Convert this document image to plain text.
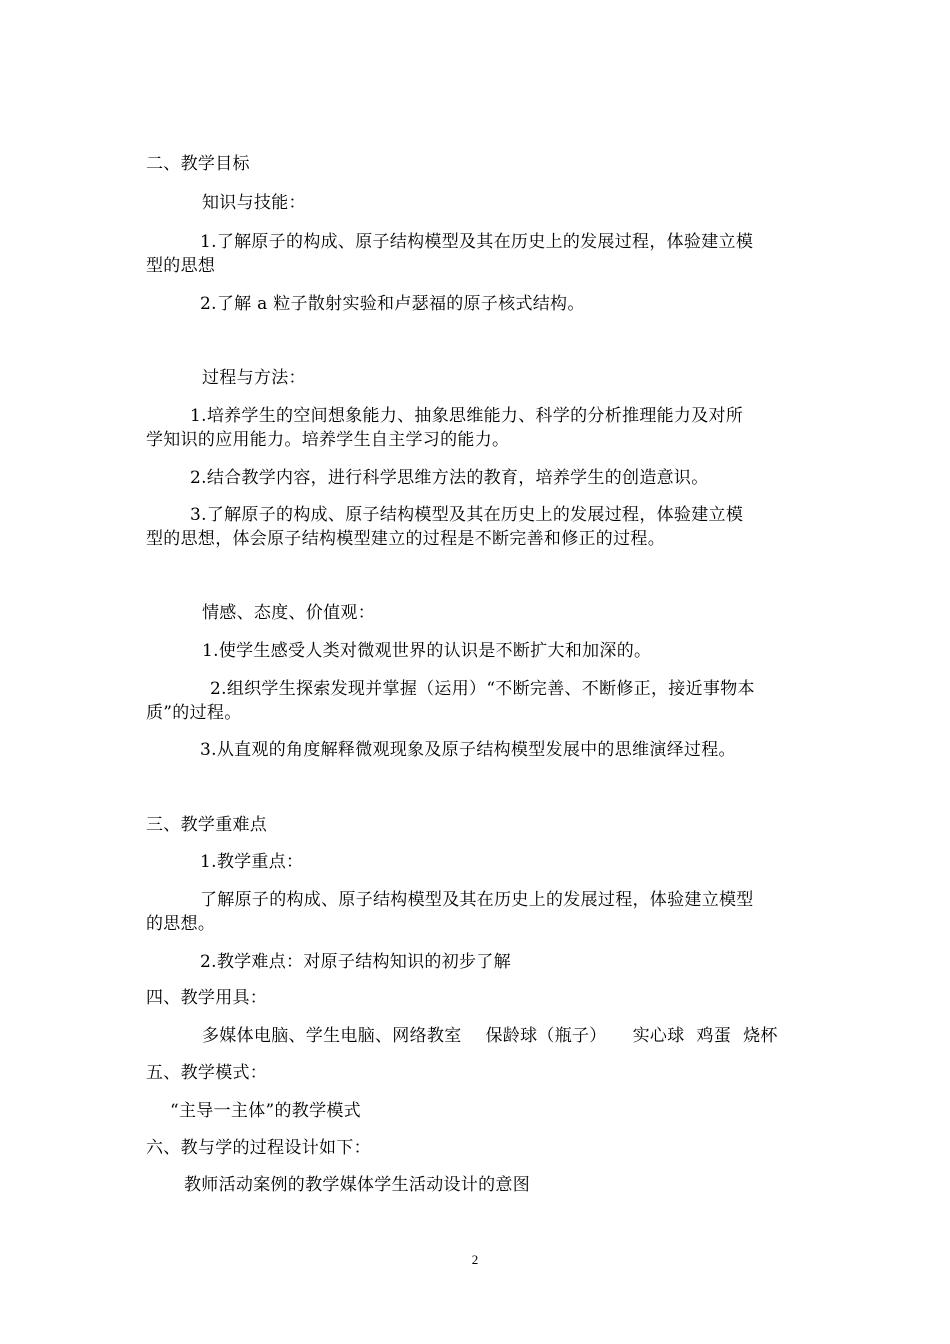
二、教学目标
知识与技能：
1.了解原子的构成、原子结构模型及其在历史上的发展过程，体验建立模
型的思想
2.了解 a 粒子散射实验和卢瑟福的原子核式结构。
过程与方法：
1.培养学生的空间想象能力、抽象思维能力、科学的分析推理能力及对所
学知识的应用能力。培养学生自主学习的能力。
2.结合教学内容，进行科学思维方法的教育，培养学生的创造意识。
3.了解原子的构成、原子结构模型及其在历史上的发展过程，体验建立模
型的思想，体会原子结构模型建立的过程是不断完善和修正的过程。
情感、态度、价值观：
1.使学生感受人类对微观世界的认识是不断扩大和加深的。
2.组织学生探索发现并掌握（运用）“不断完善、不断修正，接近事物本
质”的过程。
3.从直观的角度解释微观现象及原子结构模型发展中的思维演绎过程。
三、教学重难点
1.教学重点：
了解原子的构成、原子结构模型及其在历史上的发展过程，体验建立模型
的思想。
2.教学难点：对原子结构知识的初步了解
四、教学用具：
多媒体电脑、学生电脑、网络教室 保龄球（瓶子） 实心球 鸡蛋 烧杯
五、教学模式：
“主导一主体”的教学模式
六、教与学的过程设计如下：
教师活动案例的教学媒体学生活动设计的意图
2
